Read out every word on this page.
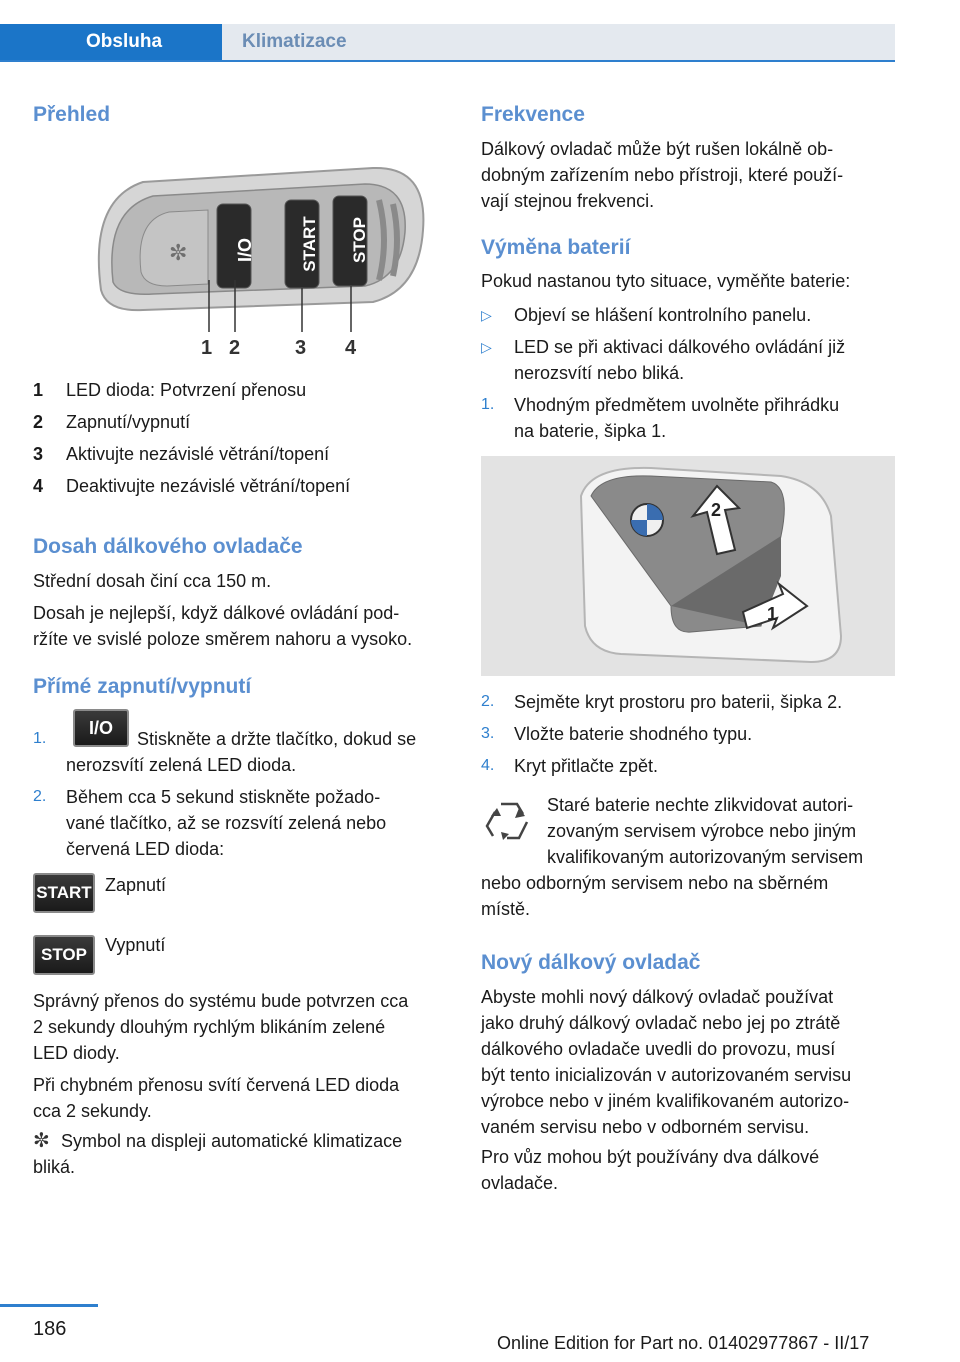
Obsluha	Klimatizace
Přehled
✼	I/O	START STOP
1 2	3 4
1	LED dioda: Potvrzení přenosu
2	Zapnutí/vypnutí
3	Aktivujte nezávislé větrání/topení
4	Deaktivujte nezávislé větrání/topení
Dosah dálkového ovladače

Střední dosah činí cca 150 m.

Dosah je nejlepší, když dálkové ovládání pod‐

ržíte ve svislé poloze směrem nahoru a vysoko.

Přímé zapnutí/vypnutí
1.
I/O

Stiskněte a držte tlačítko, dokud se

nerozsvítí zelená LED dioda.

2. Během cca 5 sekund stiskněte požado‐

vané tlačítko, až se rozsvítí zelená nebo

červená LED dioda:

START Zapnutí

STOP	Vypnutí

Správný přenos do systému bude potvrzen cca

2 sekundy dlouhým rychlým blikáním zelené

LED diody.

Při chybném přenosu svítí červená LED dioda

cca 2 sekundy.

✼ Symbol na displeji automatické klimatizace

bliká.

Frekvence

Dálkový ovladač může být rušen lokálně ob‐

dobným zařízením nebo přístroji, které použí‐

vají stejnou frekvenci.

Výměna baterií

Pokud nastanou tyto situace, vyměňte baterie:

▷ Objeví se hlášení kontrolního panelu.

▷ LED se při aktivaci dálkového ovládání již

nerozsvítí nebo bliká.

1. Vhodným předmětem uvolněte přihrádku

na baterie, šipka 1.

2
1
2. Sejměte kryt prostoru pro baterii, šipka 2.

3. Vložte baterie shodného typu.

4. Kryt přitlačte zpět.

Staré baterie nechte zlikvidovat autori‐

zovaným servisem výrobce nebo jiným

kvalifikovaným autorizovaným servisem

nebo odborným servisem nebo na sběrném

místě.

Nový dálkový ovladač

Abyste mohli nový dálkový ovladač používat

jako druhý dálkový ovladač nebo jej po ztrátě

dálkového ovladače uvedli do provozu, musí

být tento inicializován v autorizovaném servisu

výrobce nebo v jiném kvalifikovaném autorizo‐

vaném servisu nebo v odborném servisu.

Pro vůz mohou být používány dva dálkové

ovladače.

186
Online Edition for Part no. 01402977867 - II/17
